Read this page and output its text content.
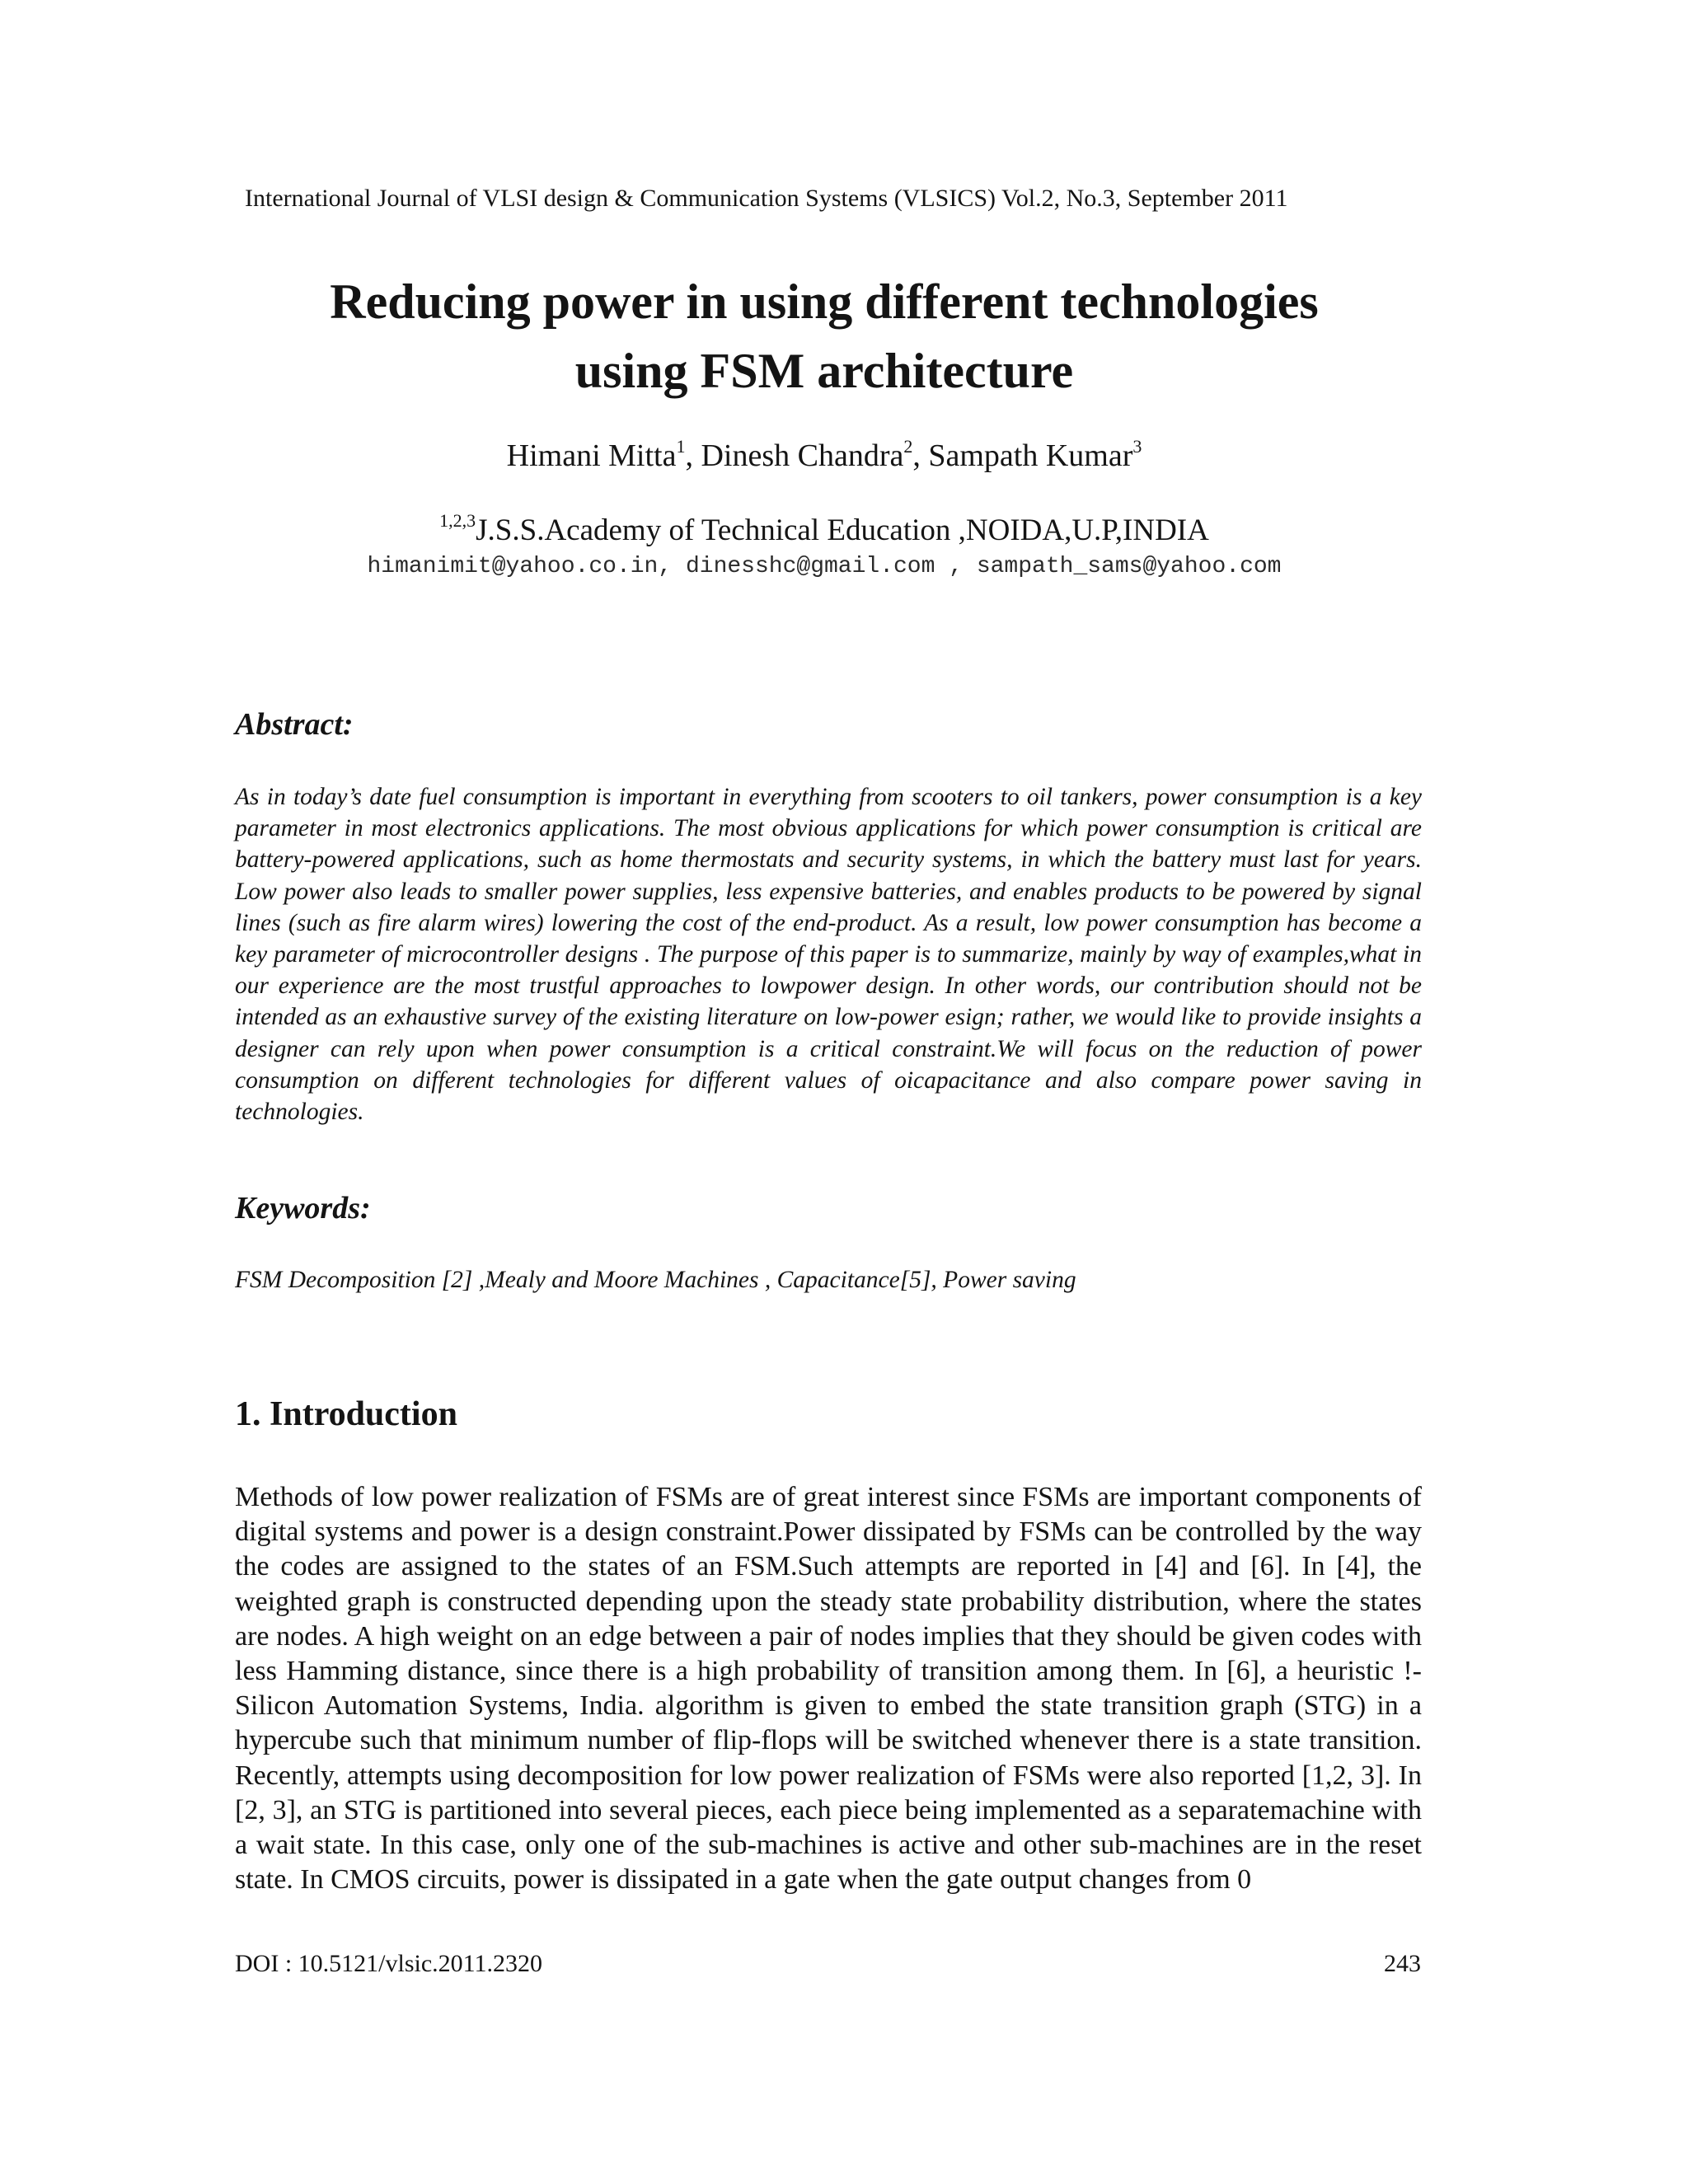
International Journal of VLSI design & Communication Systems (VLSICS) Vol.2, No.3, September 2011
Reducing power in using different technologies
using FSM architecture
Himani Mitta$^1$, Dinesh Chandra$^2$, Sampath Kumar$^3$
$^{1,2,3}$J.S.S.Academy of Technical Education ,NOIDA,U.P,INDIA
himanimit@yahoo.co.in, dinesshc@gmail.com , sampath_sams@yahoo.com
Abstract:

As in today’s date fuel consumption is important in everything from scooters to oil tankers, power consumption is a key parameter in most electronics applications. The most obvious applications for which power consumption is critical are battery-powered applications, such as home thermostats and security systems, in which the battery must last for years. Low power also leads to smaller power supplies, less expensive batteries, and enables products to be powered by signal lines (such as fire alarm wires) lowering the cost of the end-product. As a result, low power consumption has become a key parameter of microcontroller designs . The purpose of this paper is to summarize, mainly by way of examples,what in our experience are the most trustful approaches to lowpower design. In other words, our contribution should not be intended as an exhaustive survey of the existing literature on low-power esign; rather, we would like to provide insights a designer can rely upon when power consumption is a critical constraint.We will focus on the reduction of power consumption on different technologies for different values of oicapacitance and also compare power saving in technologies.

Keywords:

FSM Decomposition [2] ,Mealy and Moore Machines , Capacitance[5], Power saving

1. Introduction

Methods of low power realization of FSMs are of great interest since FSMs are important components of digital systems and power is a design constraint.Power dissipated by FSMs can be controlled by the way the codes are assigned to the states of an FSM.Such attempts are reported in [4] and [6]. In [4], the weighted graph is constructed depending upon the steady state probability distribution, where the states are nodes. A high weight on an edge between a pair of nodes implies that they should be given codes with less Hamming distance, since there is a high probability of transition among them. In [6], a heuristic !- Silicon Automation Systems, India. algorithm is given to embed the state transition graph (STG) in a hypercube such that minimum number of flip-flops will be switched whenever there is a state transition. Recently, attempts using decomposition for low power realization of FSMs were also reported [1,2, 3]. In [2, 3], an STG is partitioned into several pieces, each piece being implemented as a separatemachine with a wait state. In this case, only one of the sub-machines is active and other sub-machines are in the reset state. In CMOS circuits, power is dissipated in a gate when the gate output changes from 0

DOI : 10.5121/vlsic.2011.2320	243
